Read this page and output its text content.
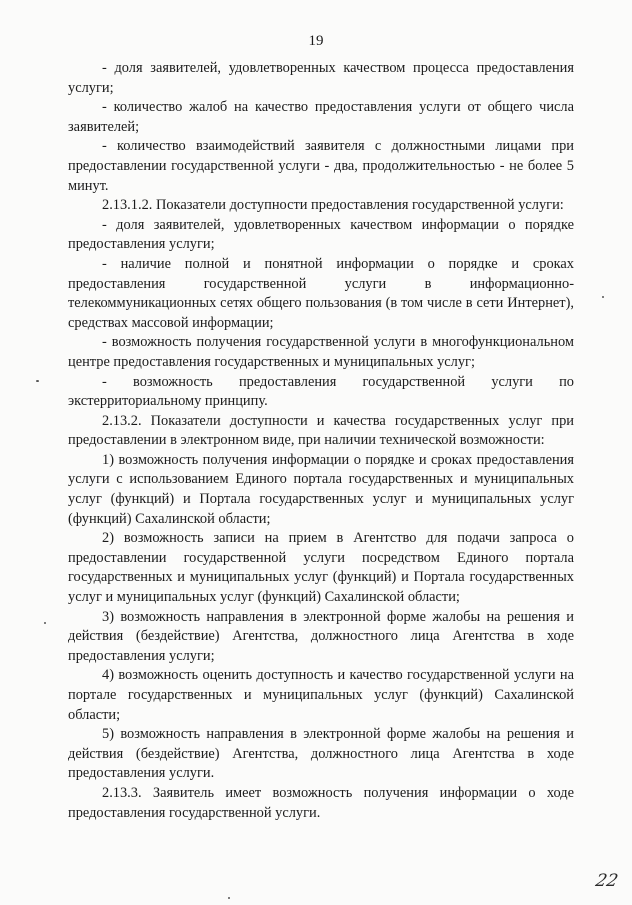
19

- доля заявителей, удовлетворенных качеством процесса предоставления услуги;

- количество жалоб на качество предоставления услуги от общего числа заявителей;

- количество взаимодействий заявителя с должностными лицами при предоставлении государственной услуги - два, продолжительностью - не более 5 минут.

2.13.1.2. Показатели доступности предоставления государственной услуги:

- доля заявителей, удовлетворенных качеством информации о порядке предоставления услуги;

- наличие полной и понятной информации о порядке и сроках предоставления государственной услуги в информационно-телекоммуникационных сетях общего пользования (в том числе в сети Интернет), средствах массовой информации;

- возможность получения государственной услуги в многофункциональном центре предоставления государственных и муниципальных услуг;

- возможность предоставления государственной услуги по экстерриториальному принципу.

2.13.2. Показатели доступности и качества государственных услуг при предоставлении в электронном виде, при наличии технической возможности:

1) возможность получения информации о порядке и сроках предоставления услуги с использованием Единого портала государственных и муниципальных услуг (функций) и Портала государственных услуг и муниципальных услуг (функций) Сахалинской области;

2) возможность записи на прием в Агентство для подачи запроса о предоставлении государственной услуги посредством Единого портала государственных и муниципальных услуг (функций) и Портала государственных услуг и муниципальных услуг (функций) Сахалинской области;

3) возможность направления в электронной форме жалобы на решения и действия (бездействие) Агентства, должностного лица Агентства в ходе предоставления услуги;

4) возможность оценить доступность и качество государственной услуги на портале государственных и муниципальных услуг (функций) Сахалинской области;

5) возможность направления в электронной форме жалобы на решения и действия (бездействие) Агентства, должностного лица Агентства в ходе предоставления услуги.

2.13.3. Заявитель имеет возможность получения информации о ходе предоставления государственной услуги.

22
